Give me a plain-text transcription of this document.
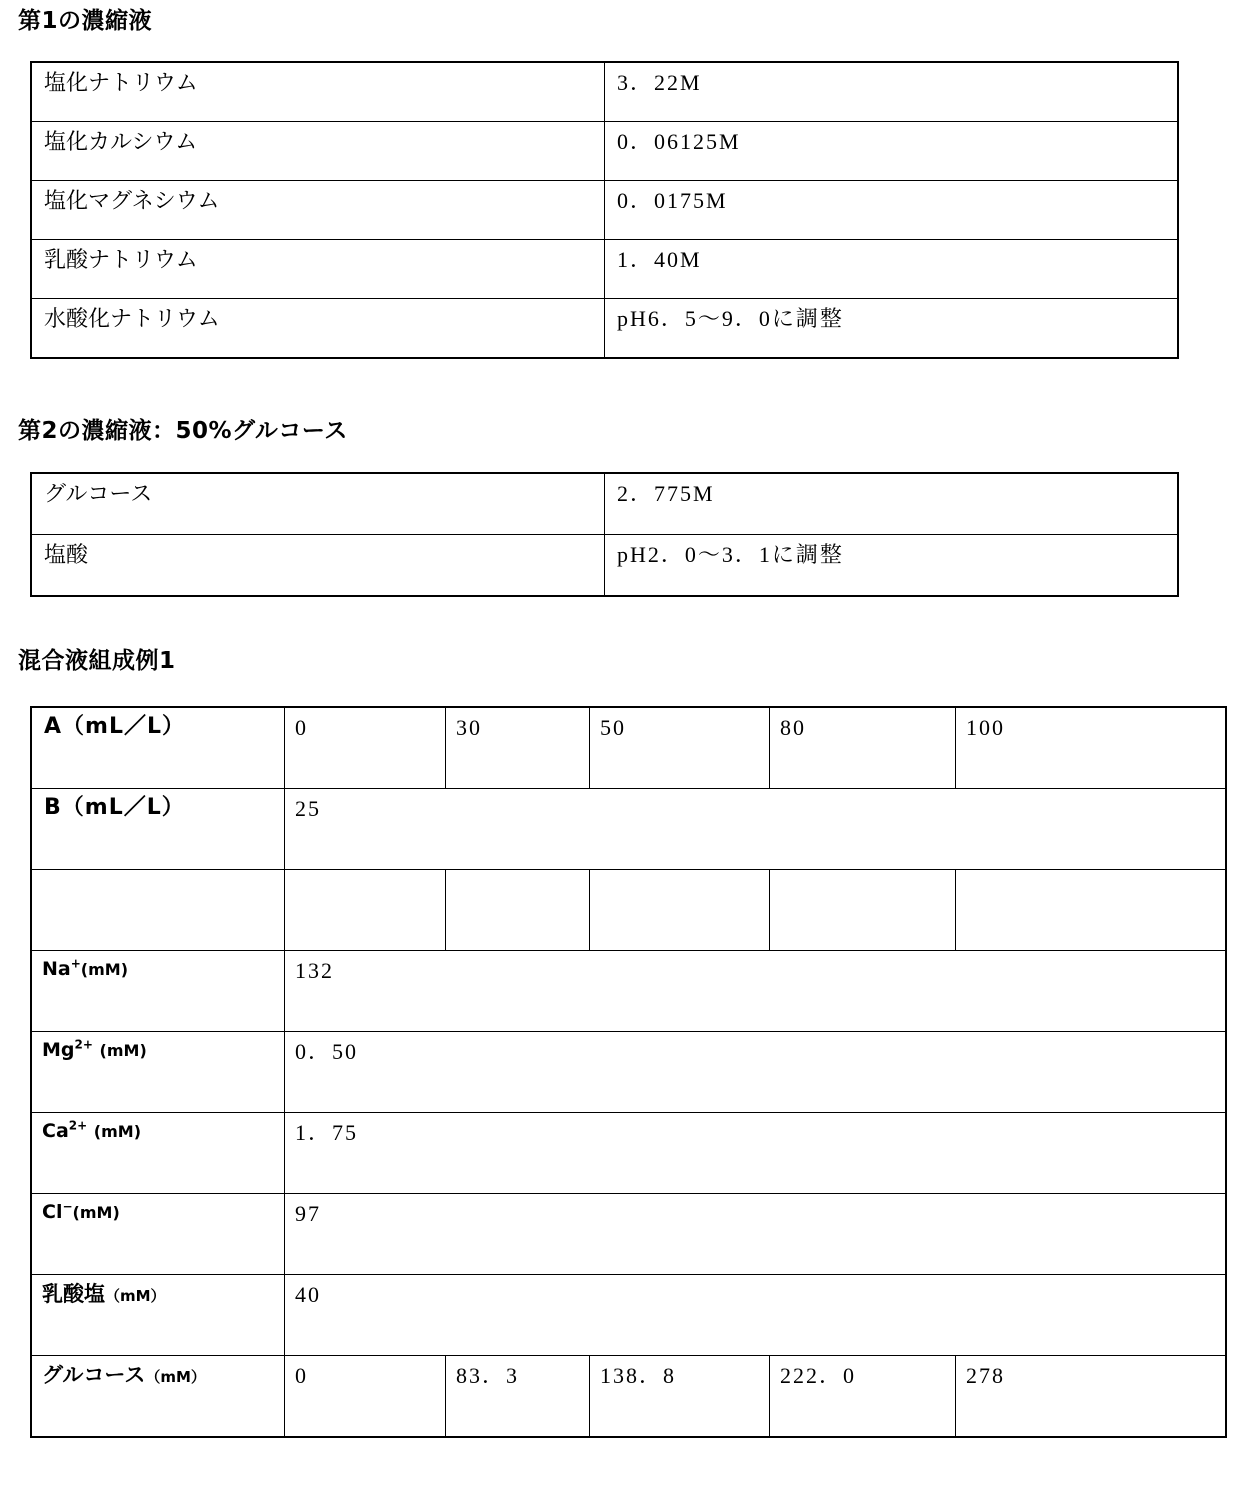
第1の濃縮液
塩化ナトリウム	3．22M

塩化カルシウム	0．06125M

塩化マグネシウム	0．0175M

乳酸ナトリウム	1．40M

水酸化ナトリウム	pH6．5〜9．0に調整
第2の濃縮液：50%グルコース
グルコース	2．775M

塩酸	pH2．0〜3．1に調整
混合液組成例1
A（mL／L）	0	30	50	80	100

B（mL／L）	25				

Na+(mM)	132				

$Mg^{2+}$ (mM)	0．50				

$Ca^{2+}$ (mM)	1．75				

Cl−(mM)	97				

乳酸塩（mM）	40				

グルコース（mM）	0	83．3	138．8	222．0	278
